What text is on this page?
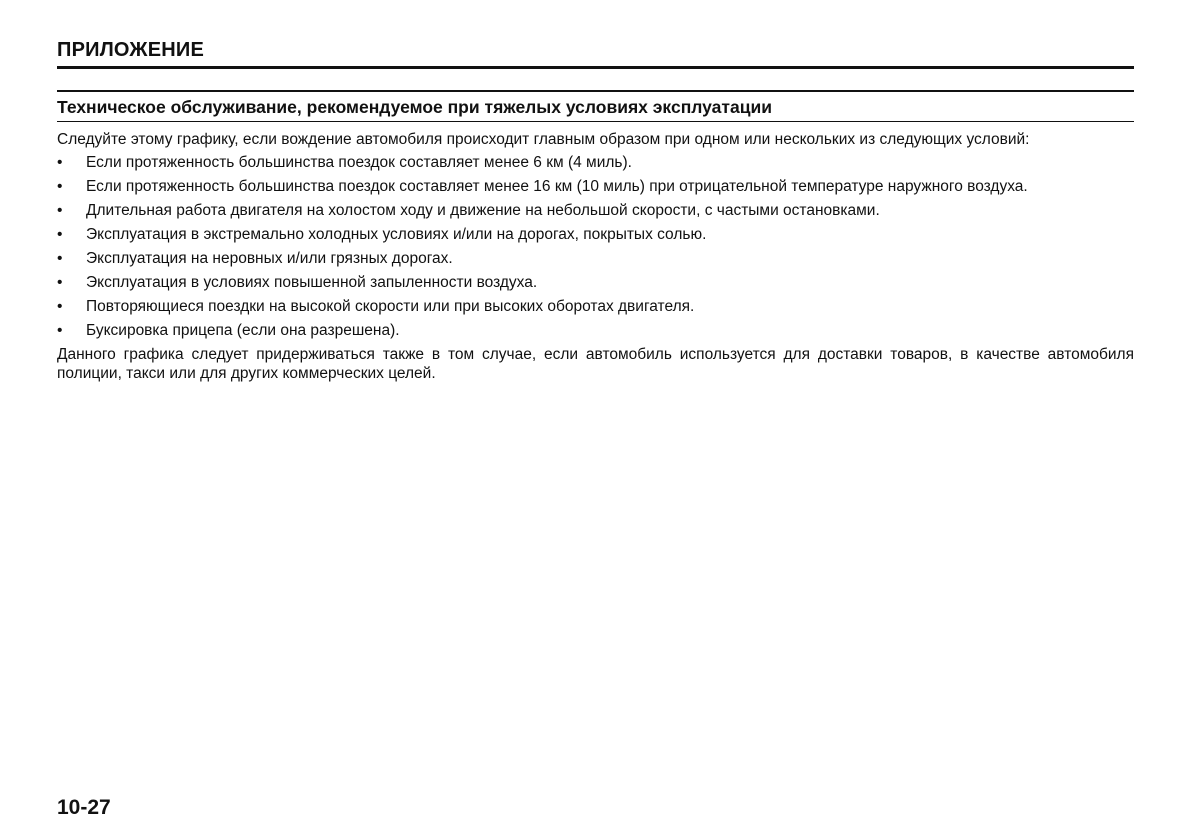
ПРИЛОЖЕНИЕ
Техническое обслуживание, рекомендуемое при тяжелых условиях эксплуатации

Следуйте этому графику, если вождение автомобиля происходит главным образом при одном или нескольких из следующих условий:

•	Если протяженность большинства поездок составляет менее 6 км (4 миль).
•	Если протяженность большинства поездок составляет менее 16 км (10 миль) при отрицательной температуре наружного воздуха.
•	Длительная работа двигателя на холостом ходу и движение на небольшой скорости, с частыми остановками.
•	Эксплуатация в экстремально холодных условиях и/или на дорогах, покрытых солью.
•	Эксплуатация на неровных и/или грязных дорогах.
•	Эксплуатация в условиях повышенной запыленности воздуха.
•	Повторяющиеся поездки на высокой скорости или при высоких оборотах двигателя.
•	Буксировка прицепа (если она разрешена).

Данного графика следует придерживаться также в том случае, если автомобиль используется для доставки товаров, в качестве автомобиля полиции, такси или для других коммерческих целей.

10-27
